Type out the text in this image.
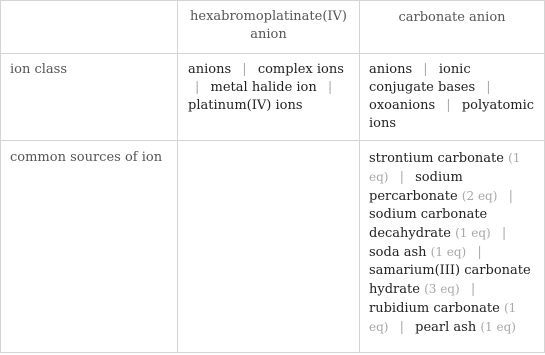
hexabromoplatinate(IV) anion
carbonate anion
ion class	anions | complex ions | metal halide ion | platinum(IV) ions
anions | ionic conjugate bases | oxoanions | polyatomic ions
common sources of ion	strontium carbonate (1 eq) | sodium percarbonate (2 eq) | sodium carbonate decahydrate (1 eq) | soda ash (1 eq) | samarium(III) carbonate hydrate (3 eq) | rubidium carbonate (1 eq) | pearl ash (1 eq)
